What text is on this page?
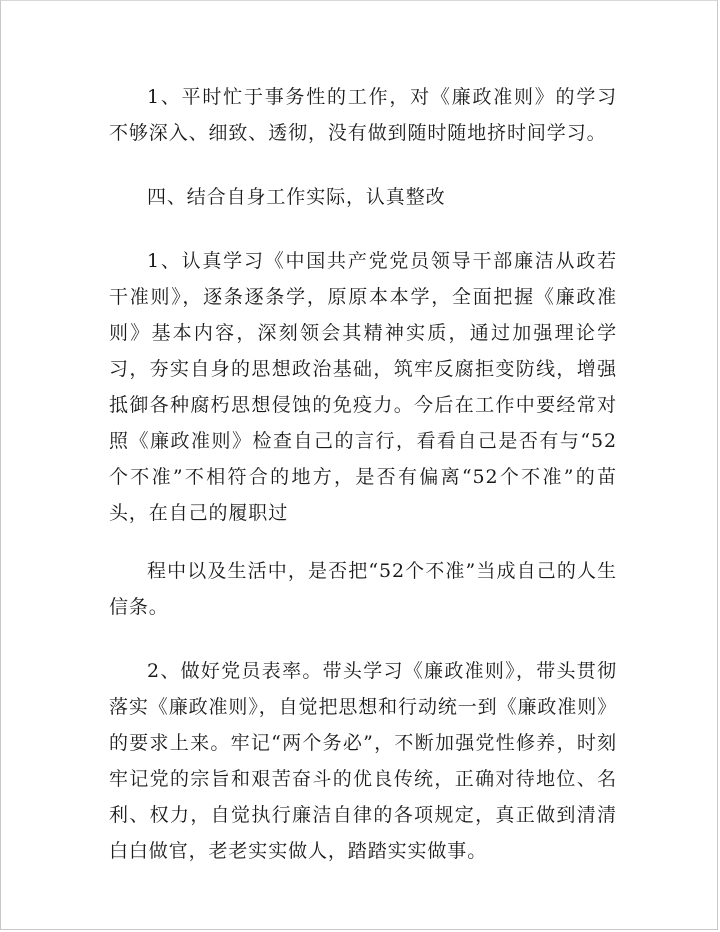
1、平时忙于事务性的工作，对《廉政准则》的学习不够深入、细致、透彻，没有做到随时随地挤时间学习。

四、结合自身工作实际，认真整改

1、认真学习《中国共产党党员领导干部廉洁从政若干准则》，逐条逐条学，原原本本学，全面把握《廉政准则》基本内容，深刻领会其精神实质，通过加强理论学习，夯实自身的思想政治基础，筑牢反腐拒变防线，增强抵御各种腐朽思想侵蚀的免疫力。今后在工作中要经常对照《廉政准则》检查自己的言行，看看自己是否有与“52个不准”不相符合的地方，是否有偏离“52个不准”的苗头，在自己的履职过

程中以及生活中，是否把“52个不准”当成自己的人生信条。

2、做好党员表率。带头学习《廉政准则》，带头贯彻落实《廉政准则》，自觉把思想和行动统一到《廉政准则》的要求上来。牢记“两个务必”，不断加强党性修养，时刻牢记党的宗旨和艰苦奋斗的优良传统，正确对待地位、名利、权力，自觉执行廉洁自律的各项规定，真正做到清清白白做官，老老实实做人，踏踏实实做事。
